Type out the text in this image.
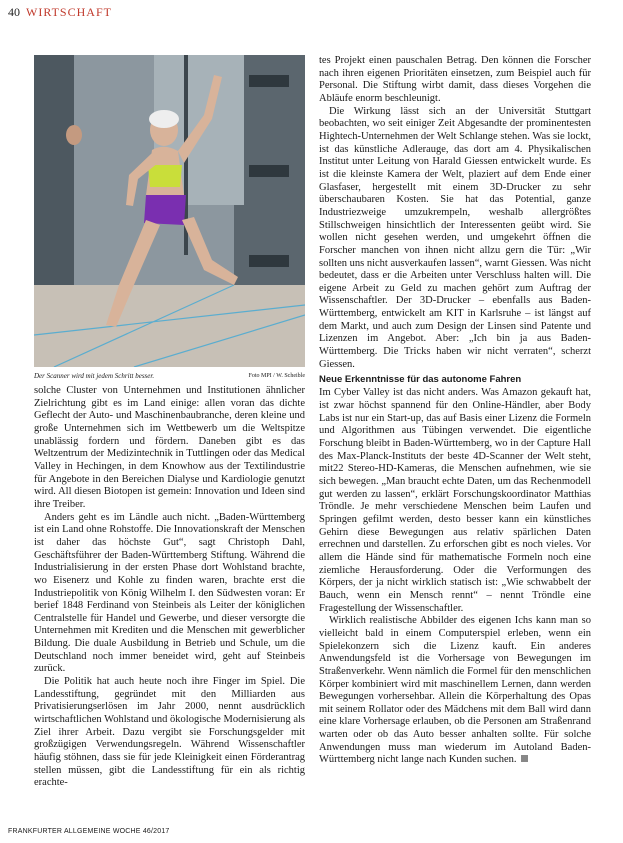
40 WIRTSCHAFT
Der Scanner wird mit jedem Schritt besser.	Foto MPI / W. Scheible

solche Cluster von Unternehmen und Institutionen ähnlicher Zielrichtung gibt es im Land einige: allen voran das dichte Geflecht der Auto- und Maschinenbaubranche, deren kleine und große Unternehmen sich im Wettbewerb um die Weltspitze unablässig fordern und fördern. Daneben gibt es das Weltzentrum der Medizintechnik in Tuttlingen oder das Medical Valley in Hechingen, in dem Knowhow aus der Textilindustrie für Angebote in den Bereichen Dialyse und Kardiologie genutzt wird. All diesen Biotopen ist gemein: Innovation und Ideen sind ihre Treiber.

Anders geht es im Ländle auch nicht. „Baden-Württemberg ist ein Land ohne Rohstoffe. Die Innovationskraft der Menschen ist daher das höchste Gut“, sagt Christoph Dahl, Geschäftsführer der Baden-Württemberg Stiftung. Während die Industrialisierung in der ersten Phase dort Wohlstand brachte, wo Eisenerz und Kohle zu finden waren, brachte erst die Industriepolitik von König Wilhelm I. den Südwesten voran: Er berief 1848 Ferdinand von Steinbeis als Leiter der königlichen Centralstelle für Handel und Gewerbe, und dieser versorgte die Unternehmen mit Krediten und die Menschen mit gewerblicher Bildung. Die duale Ausbildung in Betrieb und Schule, um die Deutschland noch immer beneidet wird, geht auf Steinbeis zurück.

Die Politik hat auch heute noch ihre Finger im Spiel. Die Landesstiftung, gegründet mit den Milliarden aus Privatisierungserlösen im Jahr 2000, nennt ausdrücklich wirtschaftlichen Wohlstand und ökologische Modernisierung als Ziel ihrer Arbeit. Dazu vergibt sie Forschungsgelder mit großzügigen Verwendungsregeln. Während Wissenschaftler häufig stöhnen, dass sie für jede Kleinigkeit einen Förderantrag stellen müssen, gibt die Landesstiftung für ein als richtig erachte-

tes Projekt einen pauschalen Betrag. Den können die Forscher nach ihren eigenen Prioritäten einsetzen, zum Beispiel auch für Personal. Die Stiftung wirbt damit, dass dieses Vorgehen die Abläufe enorm beschleunigt.

Die Wirkung lässt sich an der Universität Stuttgart beobachten, wo seit einiger Zeit Abgesandte der prominentesten Hightech-Unternehmen der Welt Schlange stehen. Was sie lockt, ist das künstliche Adlerauge, das dort am 4. Physikalischen Institut unter Leitung von Harald Giessen entwickelt wurde. Es ist die kleinste Kamera der Welt, plaziert auf dem Ende einer Glasfaser, hergestellt mit einem 3D-Drucker zu sehr überschaubaren Kosten. Sie hat das Potential, ganze Industriezweige umzukrempeln, weshalb allergrößtes Stillschweigen hinsichtlich der Interessenten geübt wird. Sie wollen nicht gesehen werden, und umgekehrt öffnen die Forscher manchen von ihnen nicht allzu gern die Tür: „Wir sollten uns nicht ausverkaufen lassen“, warnt Giessen. Was nicht bedeutet, dass er die Arbeiten unter Verschluss halten will. Die eigene Arbeit zu Geld zu machen gehört zum Auftrag der Wissenschaftler. Der 3D-Drucker – ebenfalls aus Baden-Württemberg, entwickelt am KIT in Karlsruhe – ist längst auf dem Markt, und auch zum Design der Linsen sind Patente und Lizenzen im Angebot. Aber: „Ich bin ja aus Baden-Württemberg. Die Tricks haben wir nicht verraten“, scherzt Giessen.

Neue Erkenntnisse für das autonome Fahren

Im Cyber Valley ist das nicht anders. Was Amazon gekauft hat, ist zwar höchst spannend für den Online-Händler, aber Body Labs ist nur ein Start-up, das auf Basis einer Lizenz die Formeln und Algorithmen aus Tübingen verwendet. Die eigentliche Forschung bleibt in Baden-Württemberg, wo in der Capture Hall des Max-Planck-Instituts der beste 4D-Scanner der Welt steht, mit22 Stereo-HD-Kameras, die Menschen aufnehmen, wie sie sich bewegen. „Man braucht echte Daten, um das Rechenmodell gut werden zu lassen“, erklärt Forschungskoordinator Matthias Tröndle. Je mehr verschiedene Menschen beim Laufen und Springen gefilmt werden, desto besser kann ein künstliches Gehirn diese Bewegungen aus relativ spärlichen Daten errechnen und darstellen. Zu erforschen gibt es noch vieles. Vor allem die Hände sind für mathematische Formeln noch eine ziemliche Herausforderung. Oder die Verformungen des Körpers, der ja nicht wirklich statisch ist: „Wie schwabbelt der Bauch, wenn ein Mensch rennt“ – nennt Tröndle eine Fragestellung der Wissenschaftler.

Wirklich realistische Abbilder des eigenen Ichs kann man so vielleicht bald in einem Computerspiel erleben, wenn ein Spielekonzern sich die Lizenz kauft. Ein anderes Anwendungsfeld ist die Vorhersage von Bewegungen im Straßenverkehr. Wenn nämlich die Formel für den menschlichen Körper kombiniert wird mit maschinellem Lernen, dann werden Bewegungen vorhersehbar. Allein die Körperhaltung des Opas mit seinem Rollator oder des Mädchens mit dem Ball wird dann eine klare Vorhersage erlauben, ob die Personen am Straßenrand warten oder ob das Auto besser anhalten sollte. Für solche Anwendungen muss man wiederum im Autoland Baden-Württemberg nicht lange nach Kunden suchen.

FRANKFURTER ALLGEMEINE WOCHE 46/2017
